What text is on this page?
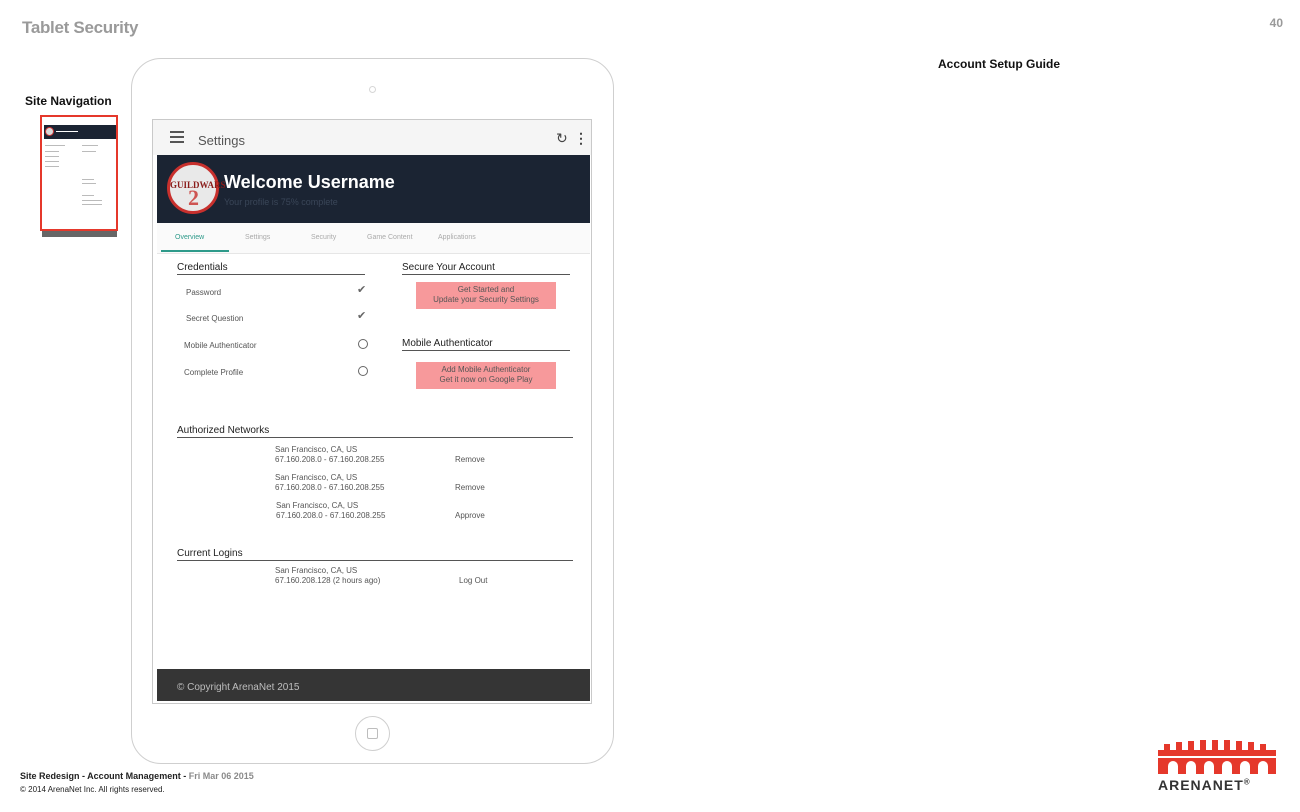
Tablet Security	40
Account Setup Guide
Site Navigation
Settings	↻ ⋮
2
GUILDWARS
Welcome Username
Your profile is 75% complete
Overview	Settings	Security	Game Content	Applications
Credentials
Password	✔
Secret Question	✔
Mobile Authenticator
Complete Profile
Secure Your Account
Get Started and
Update your Security Settings
Mobile Authenticator
Add Mobile Authenticator
Get it now on Google Play
Authorized Networks
San Francisco, CA, US
67.160.208.0 - 67.160.208.255	Remove
San Francisco, CA, US
67.160.208.0 - 67.160.208.255	Remove
San Francisco, CA, US
67.160.208.0 - 67.160.208.255	Approve
Current Logins
San Francisco, CA, US
67.160.208.128 (2 hours ago)	Log Out
© Copyright ArenaNet 2015
Site Redesign - Account Management - Fri Mar 06 2015
© 2014 ArenaNet Inc. All rights reserved.	ARENANET®
